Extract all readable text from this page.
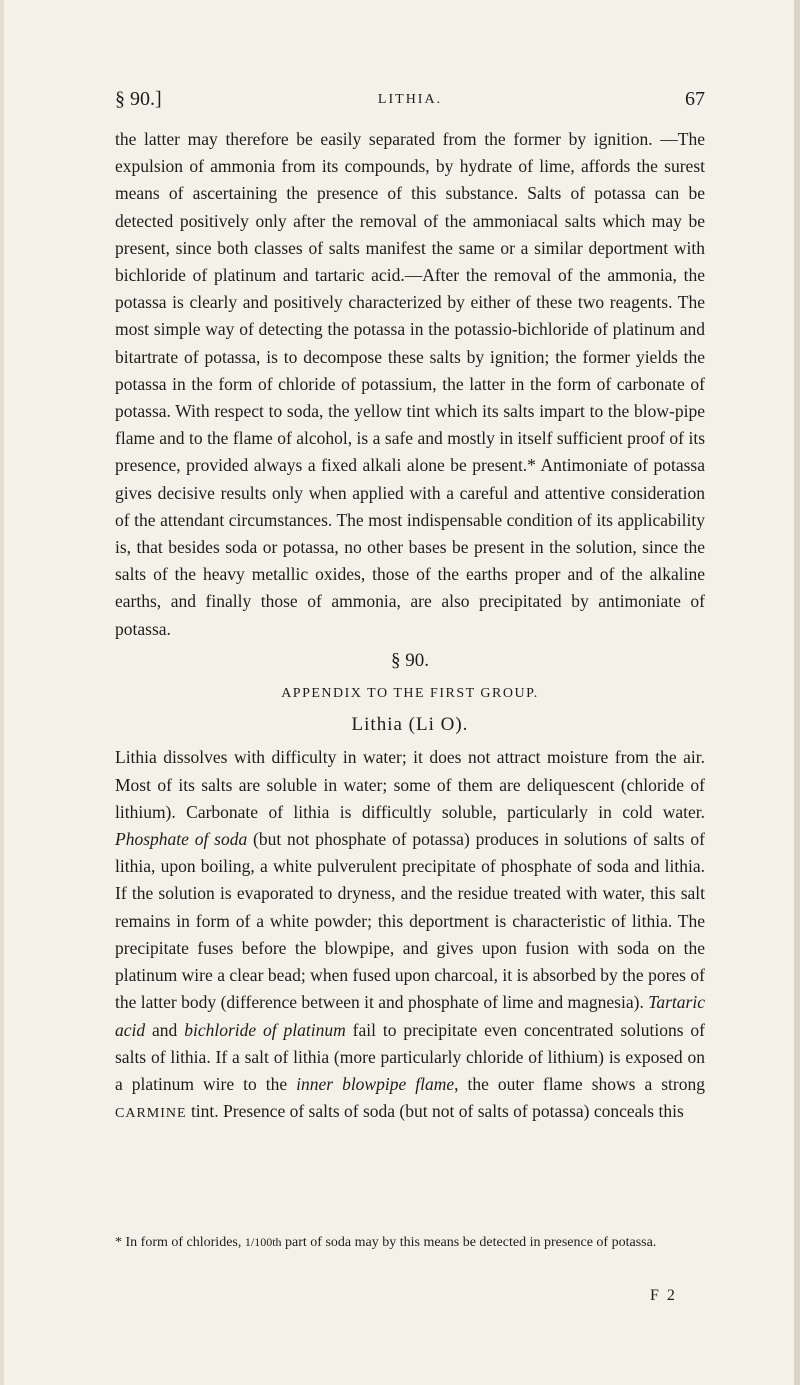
§ 90.]	LITHIA.	67

the latter may therefore be easily separated from the former by ignition. —The expulsion of ammonia from its compounds, by hydrate of lime, affords the surest means of ascertaining the presence of this substance. Salts of potassa can be detected positively only after the removal of the ammoniacal salts which may be present, since both classes of salts manifest the same or a similar deportment with bichloride of platinum and tartaric acid.—After the removal of the ammonia, the potassa is clearly and positively characterized by either of these two reagents. The most simple way of detecting the potassa in the potassio-bichloride of platinum and bitartrate of potassa, is to decompose these salts by ignition; the former yields the potassa in the form of chloride of potassium, the latter in the form of carbonate of potassa. With respect to soda, the yellow tint which its salts impart to the blow-pipe flame and to the flame of alcohol, is a safe and mostly in itself sufficient proof of its presence, provided always a fixed alkali alone be present.* Antimoniate of potassa gives decisive results only when applied with a careful and attentive consideration of the attendant circumstances. The most indispensable condition of its applicability is, that besides soda or potassa, no other bases be present in the solution, since the salts of the heavy metallic oxides, those of the earths proper and of the alkaline earths, and finally those of ammonia, are also precipitated by antimoniate of potassa.

§ 90.
APPENDIX TO THE FIRST GROUP.
Lithia (Li O).

Lithia dissolves with difficulty in water; it does not attract moisture from the air. Most of its salts are soluble in water; some of them are deliquescent (chloride of lithium). Carbonate of lithia is difficultly soluble, particularly in cold water. Phosphate of soda (but not phosphate of potassa) produces in solutions of salts of lithia, upon boiling, a white pulverulent precipitate of phosphate of soda and lithia. If the solution is evaporated to dryness, and the residue treated with water, this salt remains in form of a white powder; this deportment is characteristic of lithia. The precipitate fuses before the blowpipe, and gives upon fusion with soda on the platinum wire a clear bead; when fused upon charcoal, it is absorbed by the pores of the latter body (difference between it and phosphate of lime and magnesia). Tartaric acid and bichloride of platinum fail to precipitate even concentrated solutions of salts of lithia. If a salt of lithia (more particularly chloride of lithium) is exposed on a platinum wire to the inner blowpipe flame, the outer flame shows a strong CARMINE tint. Presence of salts of soda (but not of salts of potassa) conceals this

* In form of chlorides, 1/100th part of soda may by this means be detected in presence of potassa.
F 2
